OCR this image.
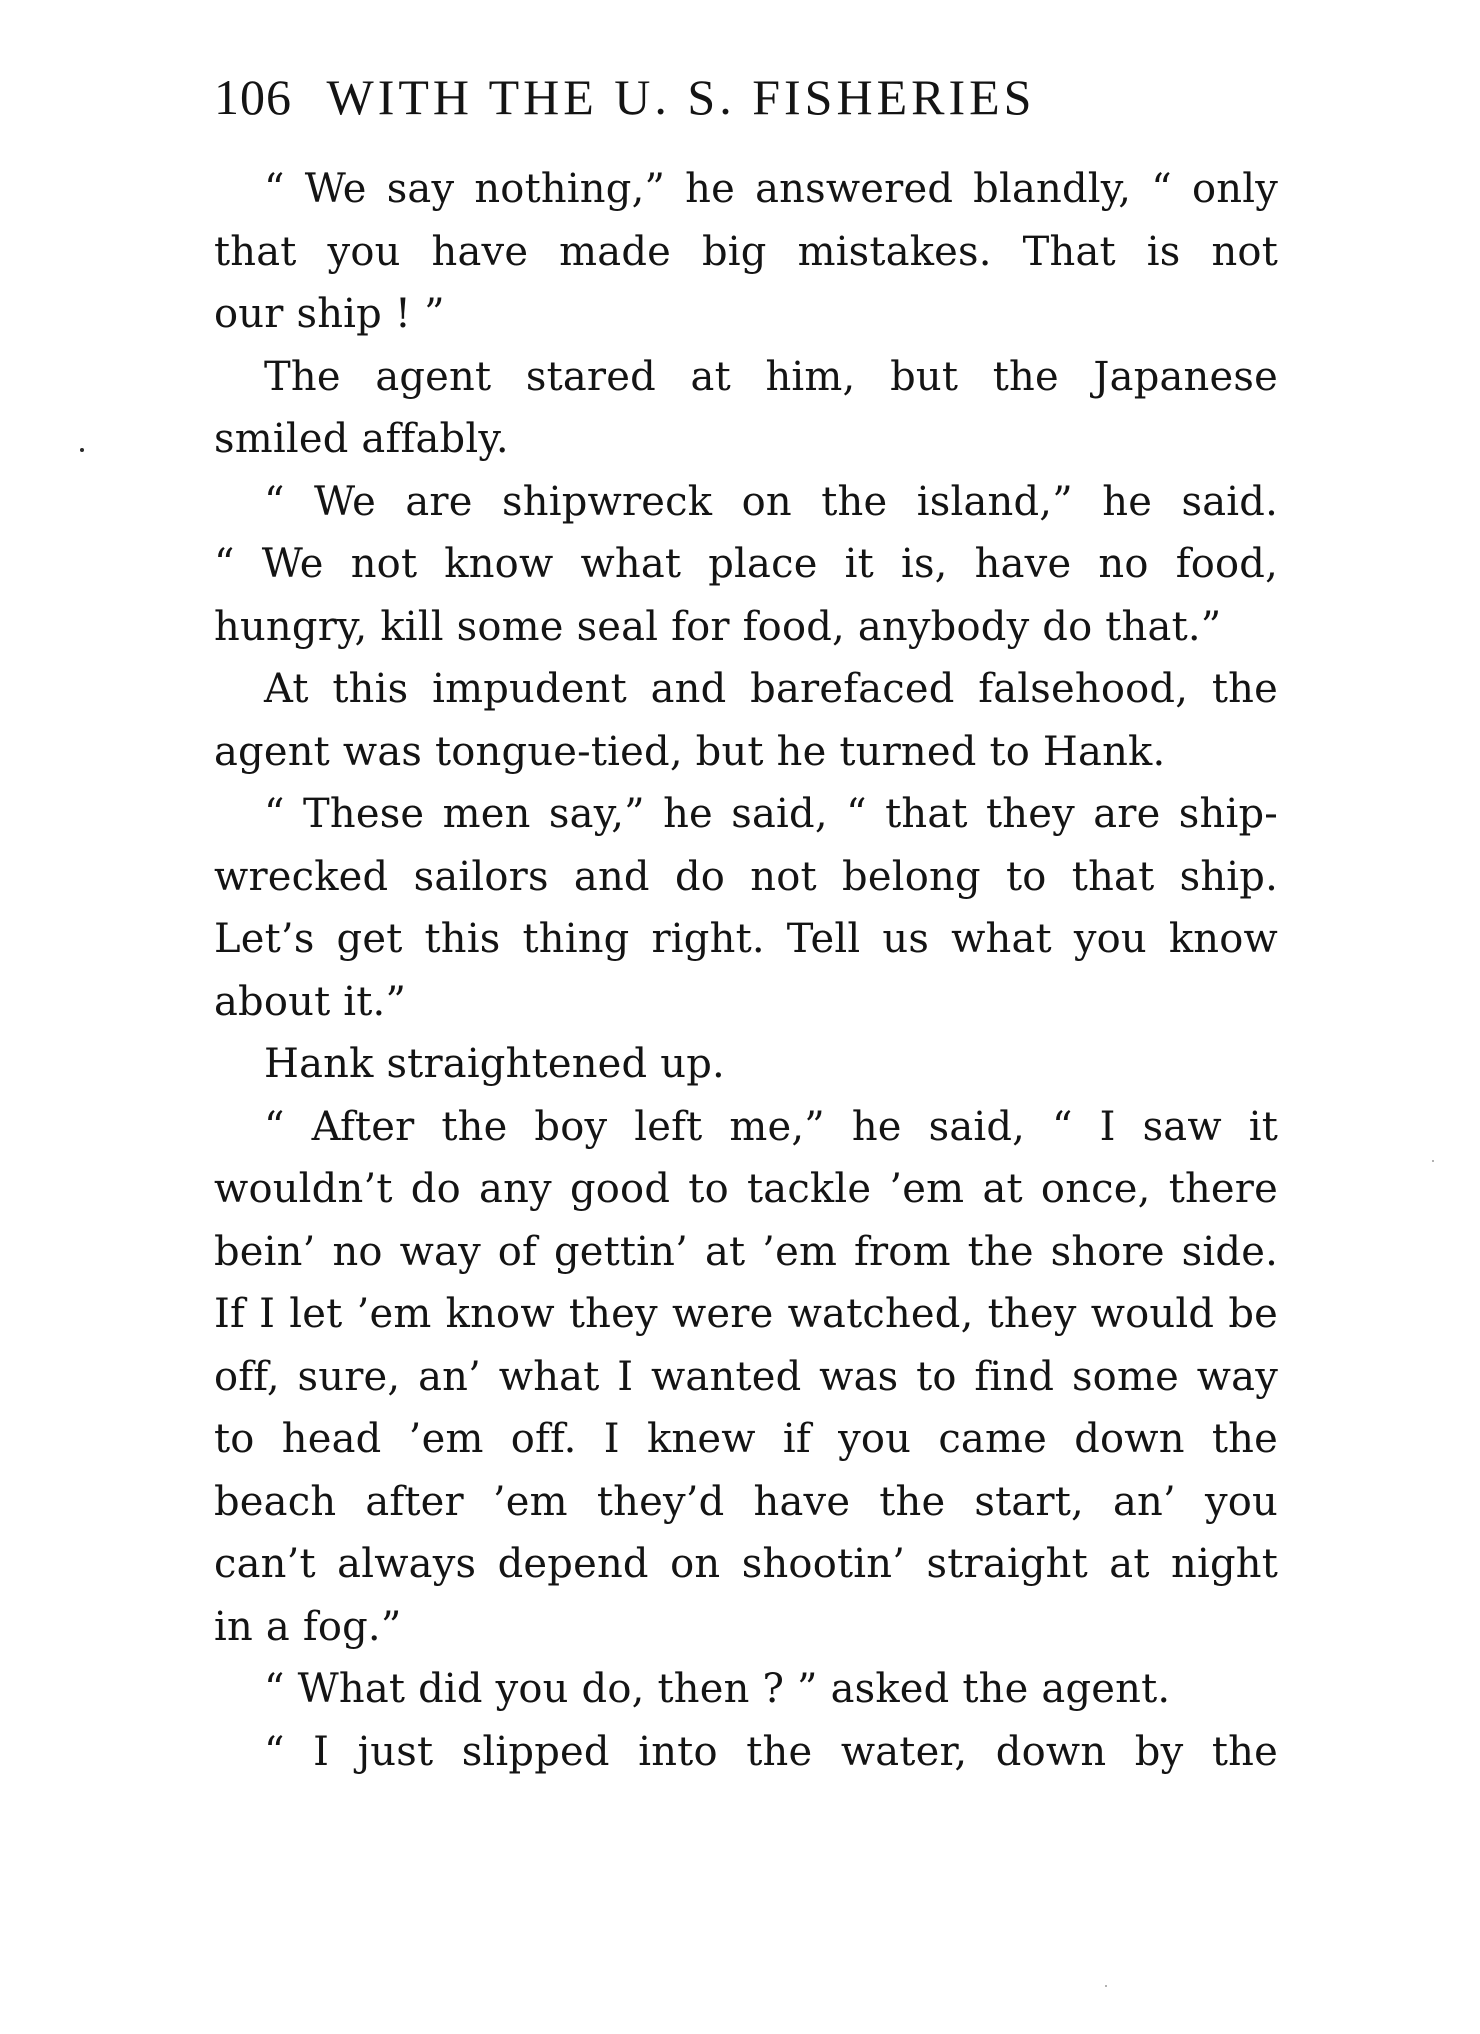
106 WITH THE U. S. FISHERIES
“ We say nothing,” he answered blandly, “ only
that you have made big mistakes. That is not
our ship ! ”
The agent stared at him, but the Japanese
smiled affably.
“ We are shipwreck on the island,” he said.
“ We not know what place it is, have no food,
hungry, kill some seal for food, anybody do that.”
At this impudent and barefaced falsehood, the
agent was tongue-tied, but he turned to Hank.
“ These men say,” he said, “ that they are ship-
wrecked sailors and do not belong to that ship.
Let’s get this thing right. Tell us what you know
about it.”
Hank straightened up.
“ After the boy left me,” he said, “ I saw it
wouldn’t do any good to tackle ’em at once, there
bein’ no way of gettin’ at ’em from the shore side.
If I let ’em know they were watched, they would be
off, sure, an’ what I wanted was to find some way
to head ’em off. I knew if you came down the
beach after ’em they’d have the start, an’ you
can’t always depend on shootin’ straight at night
in a fog.”
“ What did you do, then ? ” asked the agent.
“ I just slipped into the water, down by the
